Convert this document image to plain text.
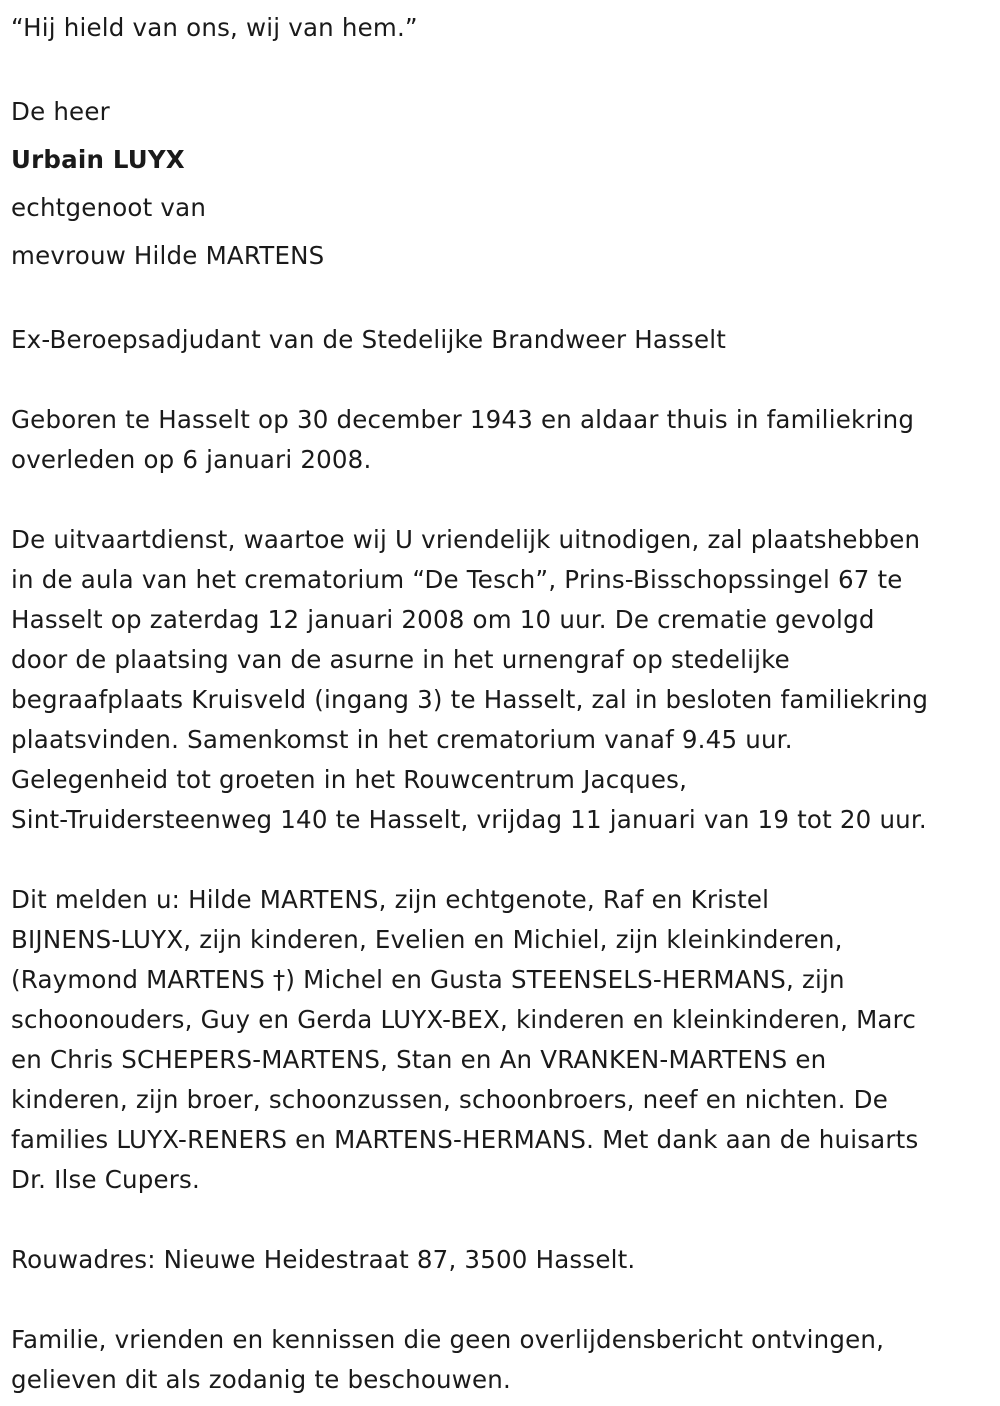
“Hij hield van ons, wij van hem.”

De heer

Urbain LUYX

echtgenoot van

mevrouw Hilde MARTENS

Ex-Beroepsadjudant van de Stedelijke Brandweer Hasselt

Geboren te Hasselt op 30 december 1943 en aldaar thuis in familiekring
overleden op 6 januari 2008.

De uitvaartdienst, waartoe wij U vriendelijk uitnodigen, zal plaatshebben
in de aula van het crematorium “De Tesch”, Prins-Bisschopssingel 67 te
Hasselt op zaterdag 12 januari 2008 om 10 uur. De crematie gevolgd
door de plaatsing van de asurne in het urnengraf op stedelijke
begraafplaats Kruisveld (ingang 3) te Hasselt, zal in besloten familiekring
plaatsvinden. Samenkomst in het crematorium vanaf 9.45 uur.
Gelegenheid tot groeten in het Rouwcentrum Jacques,
Sint-Truidersteenweg 140 te Hasselt, vrijdag 11 januari van 19 tot 20 uur.

Dit melden u: Hilde MARTENS, zijn echtgenote, Raf en Kristel
BIJNENS-LUYX, zijn kinderen, Evelien en Michiel, zijn kleinkinderen,
(Raymond MARTENS †) Michel en Gusta STEENSELS-HERMANS, zijn
schoonouders, Guy en Gerda LUYX-BEX, kinderen en kleinkinderen, Marc
en Chris SCHEPERS-MARTENS, Stan en An VRANKEN-MARTENS en
kinderen, zijn broer, schoonzussen, schoonbroers, neef en nichten. De
families LUYX-RENERS en MARTENS-HERMANS. Met dank aan de huisarts
Dr. Ilse Cupers.

Rouwadres: Nieuwe Heidestraat 87, 3500 Hasselt.

Familie, vrienden en kennissen die geen overlijdensbericht ontvingen,
gelieven dit als zodanig te beschouwen.
